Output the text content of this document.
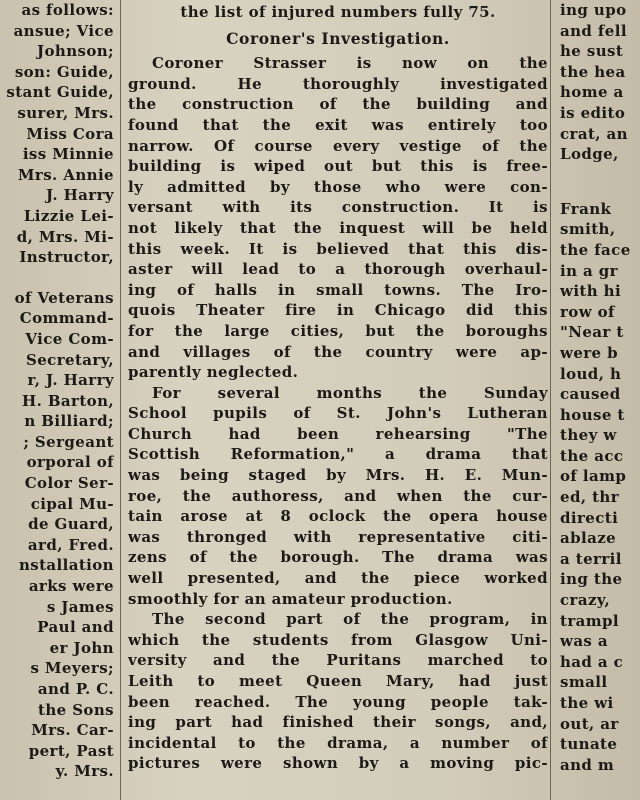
as follows:
ansue; Vice
Johnson;
son: Guide,
stant Guide,
surer, Mrs.
Miss Cora
iss Minnie
Mrs. Annie
J. Harry
Lizzie Lei-
d, Mrs. Mi-
Instructor,
of Veterans
Command-
Vice Com-
Secretary,
r, J. Harry
H. Barton,
n Billiard;
; Sergeant
orporal of
Color Ser-
cipal Mu-
de Guard,
ard, Fred.
nstallation
arks were
s James
Paul and
er John
s Meyers;
and P. C.
the Sons
Mrs. Car-
pert, Past
y. Mrs.
the list of injured numbers fully 75.
Coroner's Investigation.
Coroner Strasser is now on the
ground. He thoroughly investigated
the construction of the building and
found that the exit was entirely too
narrow. Of course every vestige of the
building is wiped out but this is free-
ly admitted by those who were con-
versant with its construction. It is
not likely that the inquest will be held
this week. It is believed that this dis-
aster will lead to a thorough overhaul-
ing of halls in small towns. The Iro-
quois Theater fire in Chicago did this
for the large cities, but the boroughs
and villages of the country were ap-
parently neglected.
For several months the Sunday
School pupils of St. John's Lutheran
Church had been rehearsing "The
Scottish Reformation," a drama that
was being staged by Mrs. H. E. Mun-
roe, the authoress, and when the cur-
tain arose at 8 oclock the opera house
was thronged with representative citi-
zens of the borough. The drama was
well presented, and the piece worked
smoothly for an amateur production.
The second part of the program, in
which the students from Glasgow Uni-
versity and the Puritans marched to
Leith to meet Queen Mary, had just
been reached. The young people tak-
ing part had finished their songs, and,
incidental to the drama, a number of
pictures were shown by a moving pic-
ing upo
and fell
he sust
the hea
home a
is edito
crat, an
Lodge,
Frank
smith,
the face
in a gr
with hi
row of
"Near t
were b
loud, h
caused
house t
they w
the acc
of lamp
ed, thr
directi
ablaze
a terril
ing the
crazy,
trampl
was a
had a c
small
the wi
out, ar
tunate
and m
